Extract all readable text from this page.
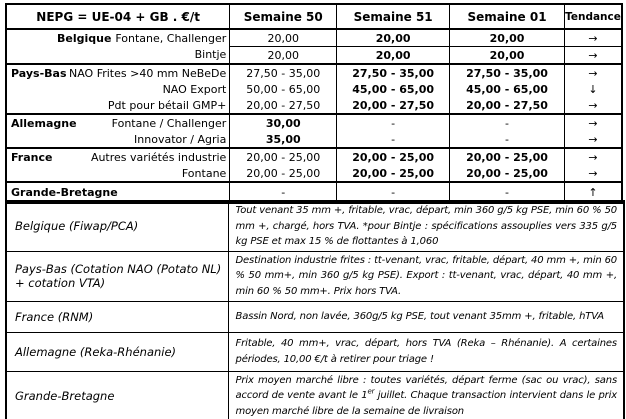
NEPG = UE-04 + GB . €/t	Semaine 50	Semaine 51	Semaine 01	Tendance

Belgique Fontane, Challenger	20,00	20,00	20,00	→

Bintje	20,00	20,00	20,00	→

Pays-Bas NAO Frites >40 mm NeBeDe	27,50 - 35,00	27,50 - 35,00	27,50 - 35,00	→

NAO Export	50,00 - 65,00	45,00 - 65,00	45,00 - 65,00	↓

Pdt pour bétail GMP+	20,00 - 27,50	20,00 - 27,50	20,00 - 27,50	→

Allemagne Fontane / Challenger	30,00	-	-	→

Innovator / Agria	35,00	-	-	→

France Autres variétés industrie	20,00 - 25,00	20,00 - 25,00	20,00 - 25,00	→

Fontane	20,00 - 25,00	20,00 - 25,00	20,00 - 25,00	→

Grande-Bretagne	-	-	-	↑
Belgique (Fiwap/PCA)	Tout venant 35 mm +, fritable, vrac, départ, min 360 g/5 kg PSE, min 60 % 50 mm +, chargé, hors TVA. *pour Bintje : spécifications assouplies vers 335 g/5 kg PSE et max 15 % de flottantes à 1,060
Pays-Bas (Cotation NAO (Potato NL) + cotation VTA)	Destination industrie frites : tt-venant, vrac, fritable, départ, 40 mm +, min 60 % 50 mm+, min 360 g/5 kg PSE). Export : tt-venant, vrac, départ, 40 mm +, min 60 % 50 mm+. Prix hors TVA.
France (RNM)	Bassin Nord, non lavée, 360g/5 kg PSE, tout venant 35mm +, fritable, hTVA
Allemagne (Reka-Rhénanie)	Fritable, 40 mm+, vrac, départ, hors TVA (Reka – Rhénanie). A certaines périodes, 10,00 €/t à retirer pour triage !
Grande-Bretagne	Prix moyen marché libre : toutes variétés, départ ferme (sac ou vrac), sans accord de vente avant le 1er juillet. Chaque transaction intervient dans le prix moyen marché libre de la semaine de livraison
